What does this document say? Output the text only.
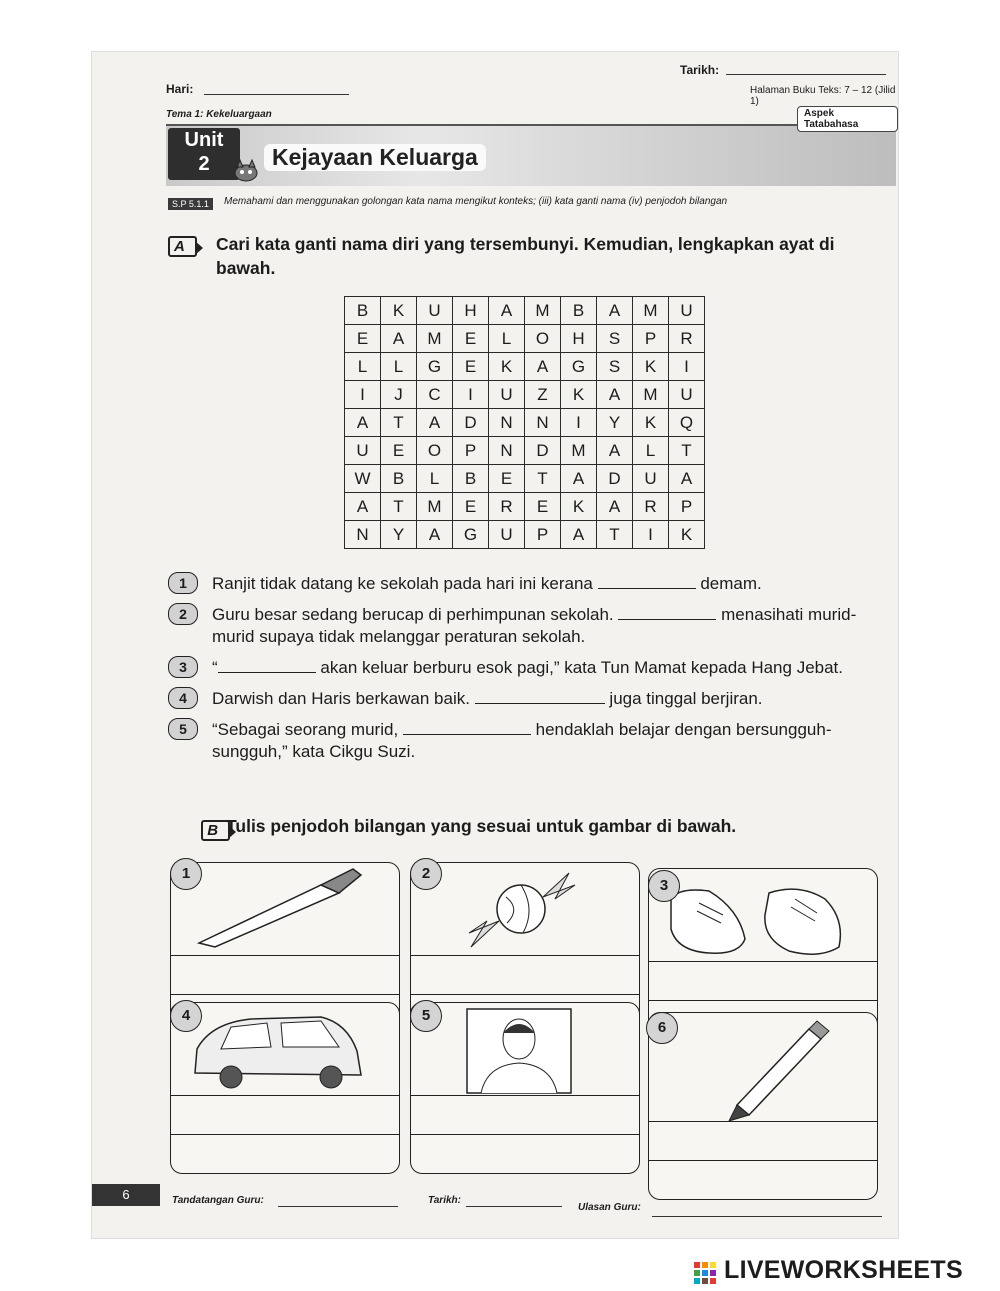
Tarikh:
Hari:	Halaman Buku Teks: 7 – 12 (Jilid 1)
Tema 1: Kekeluargaan	Aspek Tatabahasa
Unit
2	Kejayaan Keluarga
S.P 5.1.1	Memahami dan menggunakan golongan kata nama mengikut konteks; (iii) kata ganti nama (iv) penjodoh bilangan
A Cari kata ganti nama diri yang tersembunyi. Kemudian, lengkapkan ayat di bawah.
B	K	U	H	A	M	B	A	M	U
E	A	M	E	L	O	H	S	P	R
L	L	G	E	K	A	G	S	K	I
I	J	C	I	U	Z	K	A	M	U
A	T	A	D	N	N	I	Y	K	Q
U	E	O	P	N	D	M	A	L	T
W	B	L	B	E	T	A	D	U	A
A	T	M	E	R	E	K	A	R	P
N	Y	A	G	U	P	A	T	I	K
1	Ranjit tidak datang ke sekolah pada hari ini kerana	demam.
2	Guru besar sedang berucap di perhimpunan sekolah.	menasihati murid-murid supaya tidak melanggar peraturan sekolah.
3	“	akan keluar berburu esok pagi,” kata Tun Mamat kepada Hang Jebat.
4	Darwish dan Haris berkawan baik.	juga tinggal berjiran.
5	“Sebagai seorang murid,	hendaklah belajar dengan bersungguh-sungguh,” kata Cikgu Suzi.
B Tulis penjodoh bilangan yang sesuai untuk gambar di bawah.
1	2
3
4	5
6
6	Tandatangan Guru:	Tarikh:
Ulasan Guru:
LIVEWORKSHEETS
